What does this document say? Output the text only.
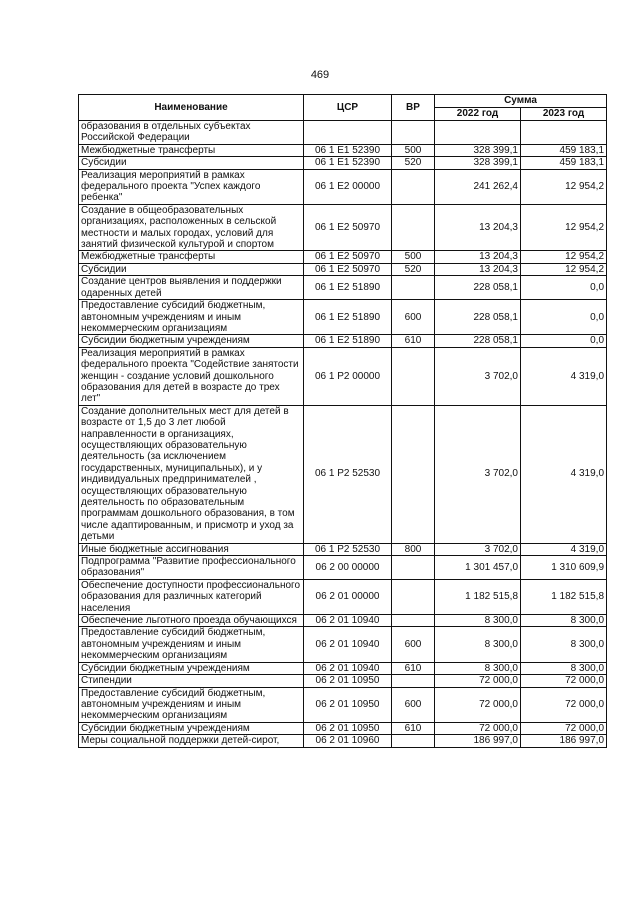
469
Наименование	ЦСР	ВР	Сумма	
			2022 год	2023 год
образования в отдельных субъектах Российской Федерации				
Межбюджетные трансферты	06 1 E1 52390	500	328 399,1	459 183,1
Субсидии	06 1 E1 52390	520	328 399,1	459 183,1
Реализация мероприятий в рамках федерального проекта "Успех каждого ребенка"	06 1 E2 00000		241 262,4	12 954,2
Создание в общеобразовательных организациях, расположенных в сельской местности и малых городах, условий для занятий физической культурой и спортом	06 1 E2 50970		13 204,3	12 954,2
Межбюджетные трансферты	06 1 E2 50970	500	13 204,3	12 954,2
Субсидии	06 1 E2 50970	520	13 204,3	12 954,2
Создание центров выявления и поддержки одаренных детей	06 1 E2 51890		228 058,1	0,0
Предоставление субсидий бюджетным, автономным учреждениям и иным некоммерческим организациям	06 1 E2 51890	600	228 058,1	0,0
Субсидии бюджетным учреждениям	06 1 E2 51890	610	228 058,1	0,0
Реализация мероприятий в рамках федерального проекта "Содействие занятости женщин - создание условий дошкольного образования для детей в возрасте до трех лет"	06 1 P2 00000		3 702,0	4 319,0
Создание дополнительных мест для детей в возрасте от 1,5 до 3 лет любой направленности в организациях, осуществляющих образовательную деятельность (за исключением государственных, муниципальных), и у индивидуальных предпринимателей , осуществляющих образовательную деятельность по образовательным программам дошкольного образования, в том числе адаптированным, и присмотр и уход за детьми	06 1 P2 52530		3 702,0	4 319,0
Иные бюджетные ассигнования	06 1 P2 52530	800	3 702,0	4 319,0
Подпрограмма "Развитие профессионального образования"	06 2 00 00000		1 301 457,0	1 310 609,9
Обеспечение доступности профессионального образования для различных категорий населения	06 2 01 00000		1 182 515,8	1 182 515,8
Обеспечение льготного проезда обучающихся	06 2 01 10940		8 300,0	8 300,0
Предоставление субсидий бюджетным, автономным учреждениям и иным некоммерческим организациям	06 2 01 10940	600	8 300,0	8 300,0
Субсидии бюджетным учреждениям	06 2 01 10940	610	8 300,0	8 300,0
Стипендии	06 2 01 10950		72 000,0	72 000,0
Предоставление субсидий бюджетным, автономным учреждениям и иным некоммерческим организациям	06 2 01 10950	600	72 000,0	72 000,0
Субсидии бюджетным учреждениям	06 2 01 10950	610	72 000,0	72 000,0
Меры социальной поддержки детей-сирот,	06 2 01 10960		186 997,0	186 997,0
